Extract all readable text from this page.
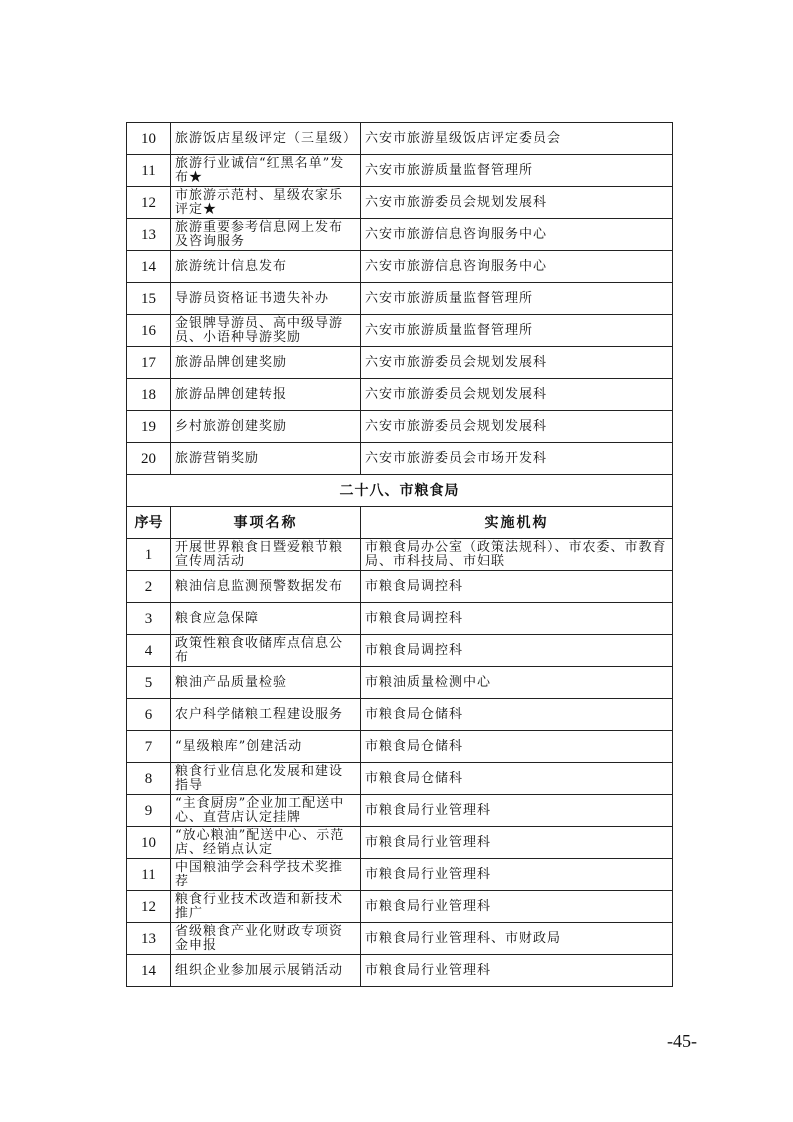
10	旅游饭店星级评定（三星级）	六安市旅游星级饭店评定委员会
11	旅游行业诚信“红黑名单”发布★	六安市旅游质量监督管理所
12	市旅游示范村、星级农家乐评定★	六安市旅游委员会规划发展科
13	旅游重要参考信息网上发布及咨询服务	六安市旅游信息咨询服务中心
14	旅游统计信息发布	六安市旅游信息咨询服务中心
15	导游员资格证书遗失补办	六安市旅游质量监督管理所
16	金银牌导游员、高中级导游员、小语种导游奖励	六安市旅游质量监督管理所
17	旅游品牌创建奖励	六安市旅游委员会规划发展科
18	旅游品牌创建转报	六安市旅游委员会规划发展科
19	乡村旅游创建奖励	六安市旅游委员会规划发展科
20	旅游营销奖励	六安市旅游委员会市场开发科
二十八、市粮食局		
序号	事项名称	实施机构
1	开展世界粮食日暨爱粮节粮宣传周活动	市粮食局办公室（政策法规科）、市农委、市教育局、市科技局、市妇联
2	粮油信息监测预警数据发布	市粮食局调控科
3	粮食应急保障	市粮食局调控科
4	政策性粮食收储库点信息公布	市粮食局调控科
5	粮油产品质量检验	市粮油质量检测中心
6	农户科学储粮工程建设服务	市粮食局仓储科
7	“星级粮库”创建活动	市粮食局仓储科
8	粮食行业信息化发展和建设指导	市粮食局仓储科
9	“主食厨房”企业加工配送中心、直营店认定挂牌	市粮食局行业管理科
10	“放心粮油”配送中心、示范店、经销点认定	市粮食局行业管理科
11	中国粮油学会科学技术奖推荐	市粮食局行业管理科
12	粮食行业技术改造和新技术推广	市粮食局行业管理科
13	省级粮食产业化财政专项资金申报	市粮食局行业管理科、市财政局
14	组织企业参加展示展销活动	市粮食局行业管理科
-45-
